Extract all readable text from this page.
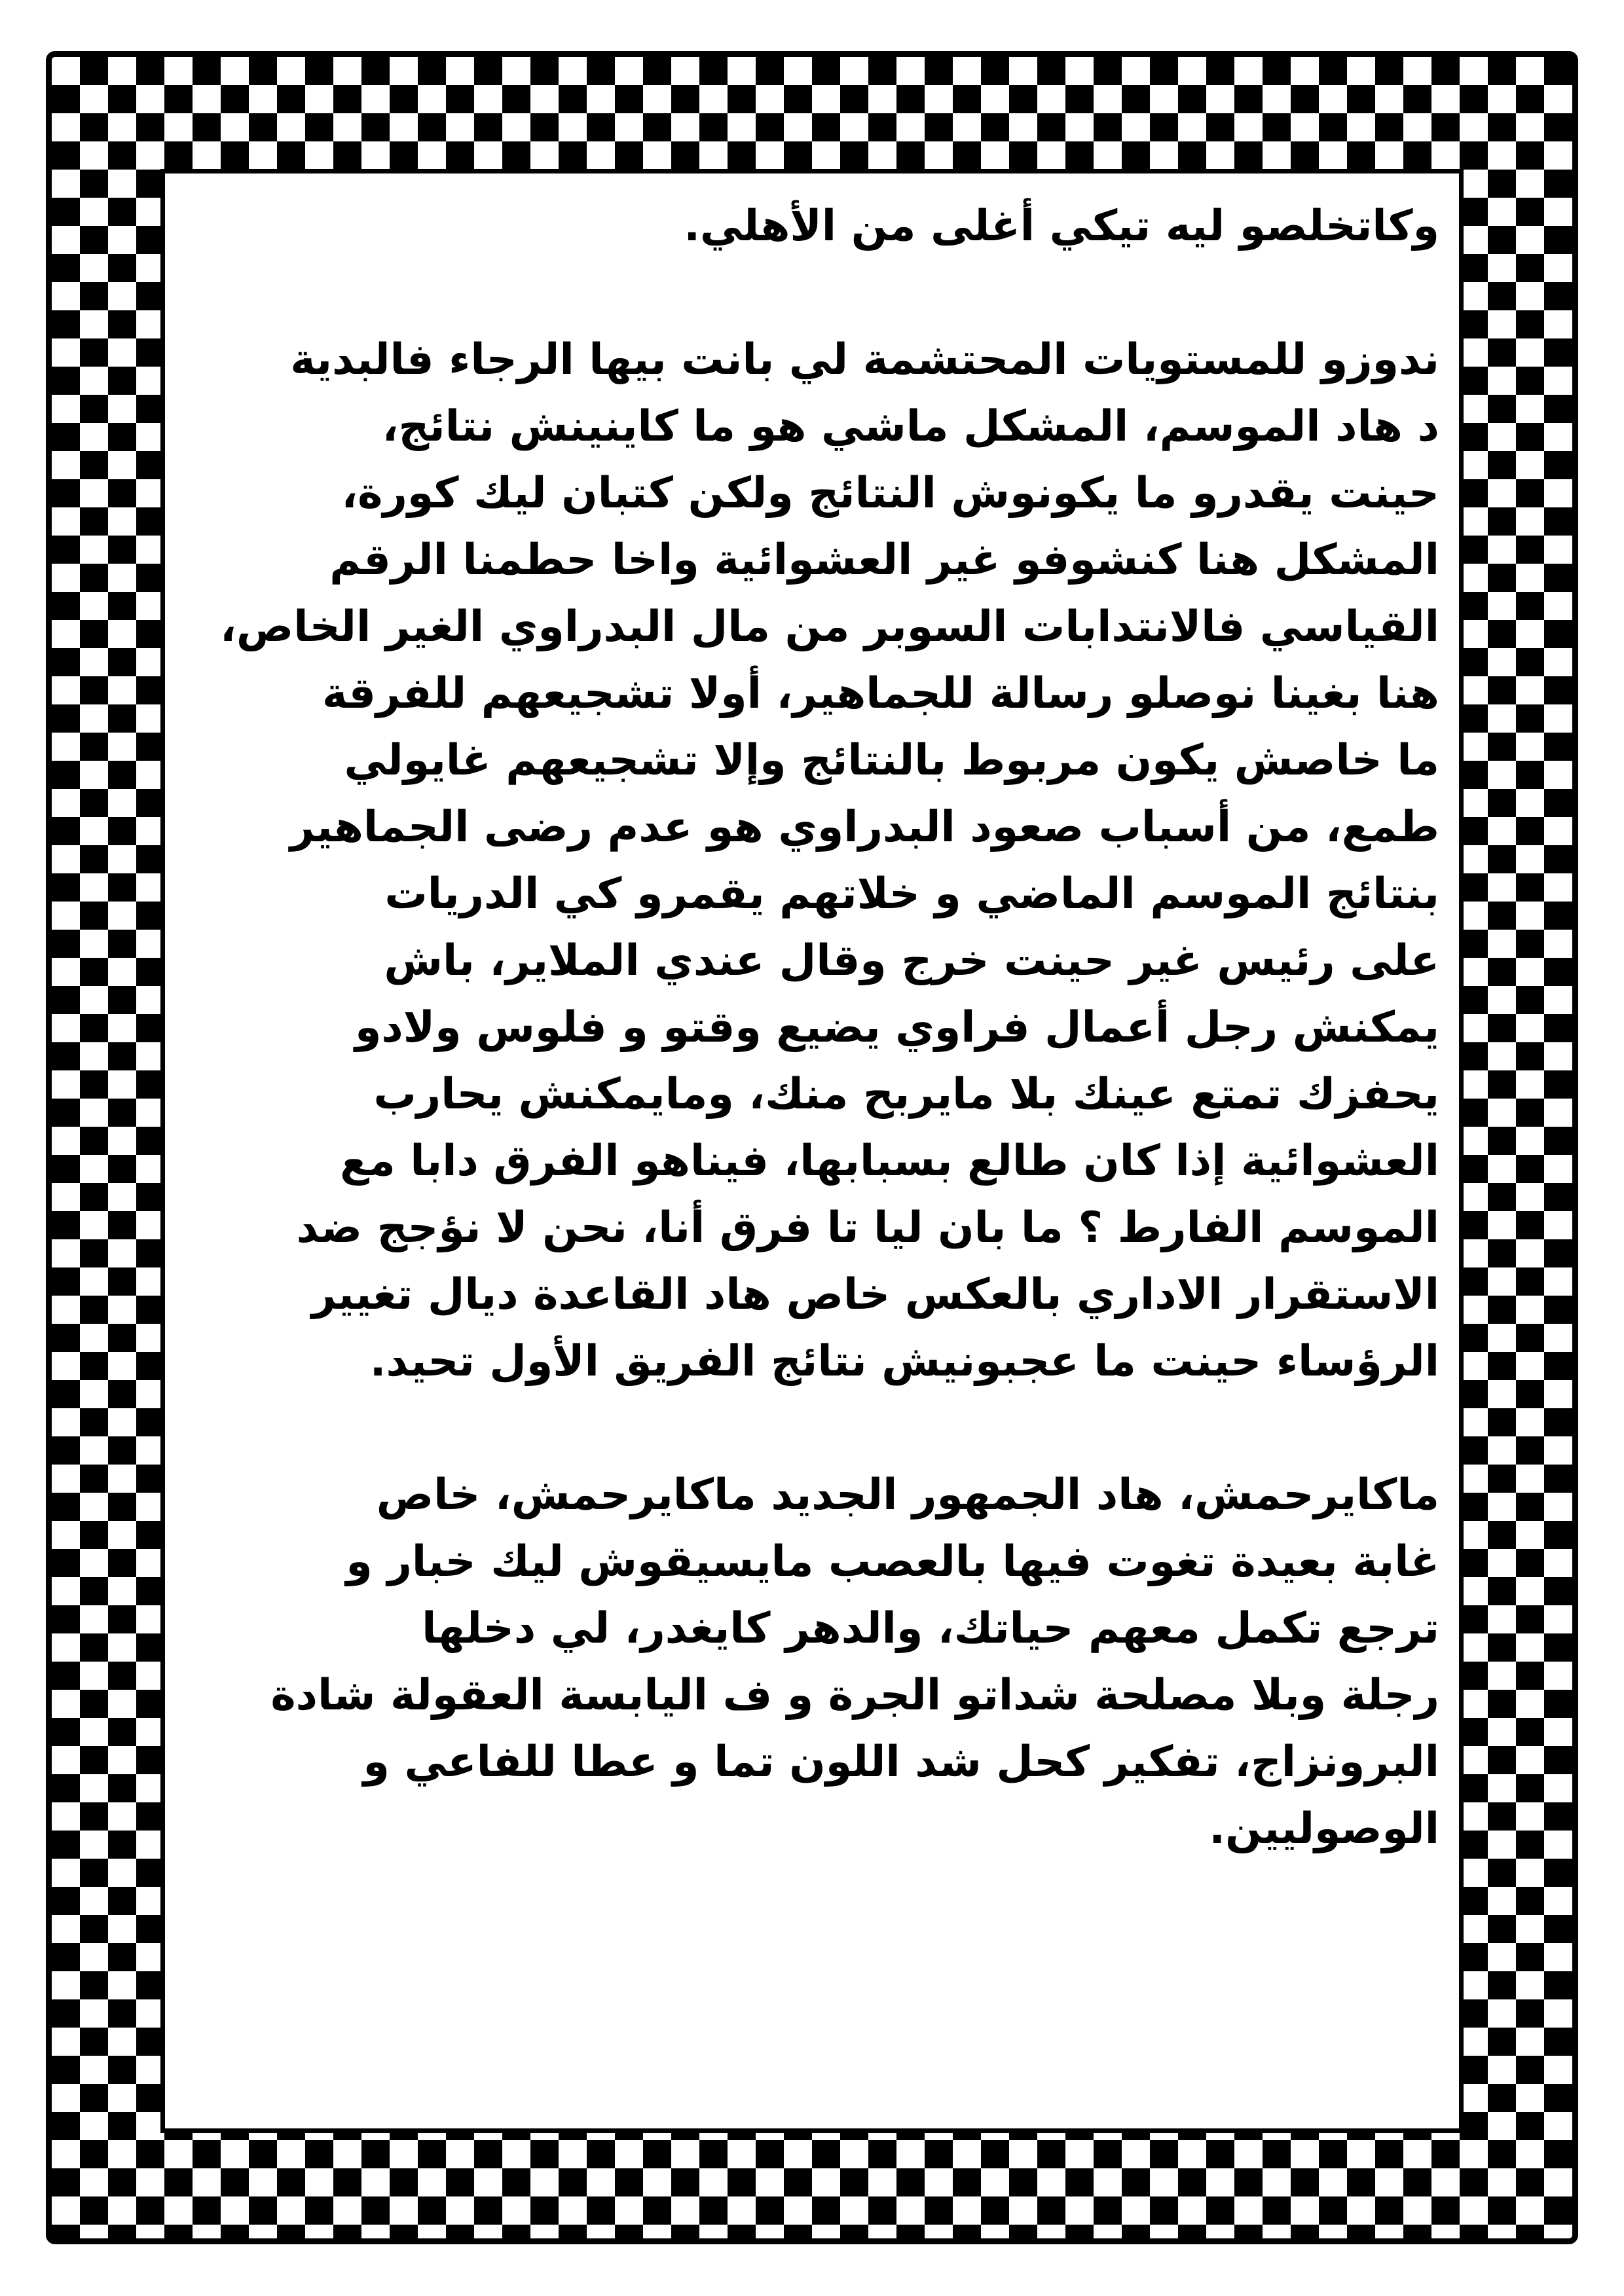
وكاتخلصو ليه تيكي أغلى من الأهلي.

ندوزو للمستويات المحتشمة لي بانت بيها الرجاء فالبدية
د هاد الموسم، المشكل ماشي هو ما كاينينش نتائج،
حينت يقدرو ما يكونوش النتائج ولكن كتبان ليك كورة،
المشكل هنا كنشوفو غير العشوائية واخا حطمنا الرقم
القياسي فالانتدابات السوبر من مال البدراوي الغير الخاص،
هنا بغينا نوصلو رسالة للجماهير، أولا تشجيعهم للفرقة
ما خاصش يكون مربوط بالنتائج وإلا تشجيعهم غايولي
طمع، من أسباب صعود البدراوي هو عدم رضى الجماهير
بنتائج الموسم الماضي و خلاتهم يقمرو كي الدريات
على رئيس غير حينت خرج وقال عندي الملاير، باش
يمكنش رجل أعمال فراوي يضيع وقتو و فلوس ولادو
يحفزك تمتع عينك بلا مايربح منك، ومايمكنش يحارب
العشوائية إذا كان طالع بسبابها، فيناهو الفرق دابا مع
الموسم الفارط ؟ ما بان ليا تا فرق أنا، نحن لا نؤجج ضد
الاستقرار الاداري بالعكس خاص هاد القاعدة ديال تغيير
الرؤساء حينت ما عجبونيش نتائج الفريق الأول تحيد.

ماكايرحمش، هاد الجمهور الجديد ماكايرحمش، خاص
غابة بعيدة تغوت فيها بالعصب مايسيقوش ليك خبار و
ترجع تكمل معهم حياتك، والدهر كايغدر، لي دخلها
رجلة وبلا مصلحة شداتو الجرة و ف اليابسة العقولة شادة
البرونزاج، تفكير كحل شد اللون تما و عطا للفاعي و
الوصوليين.
